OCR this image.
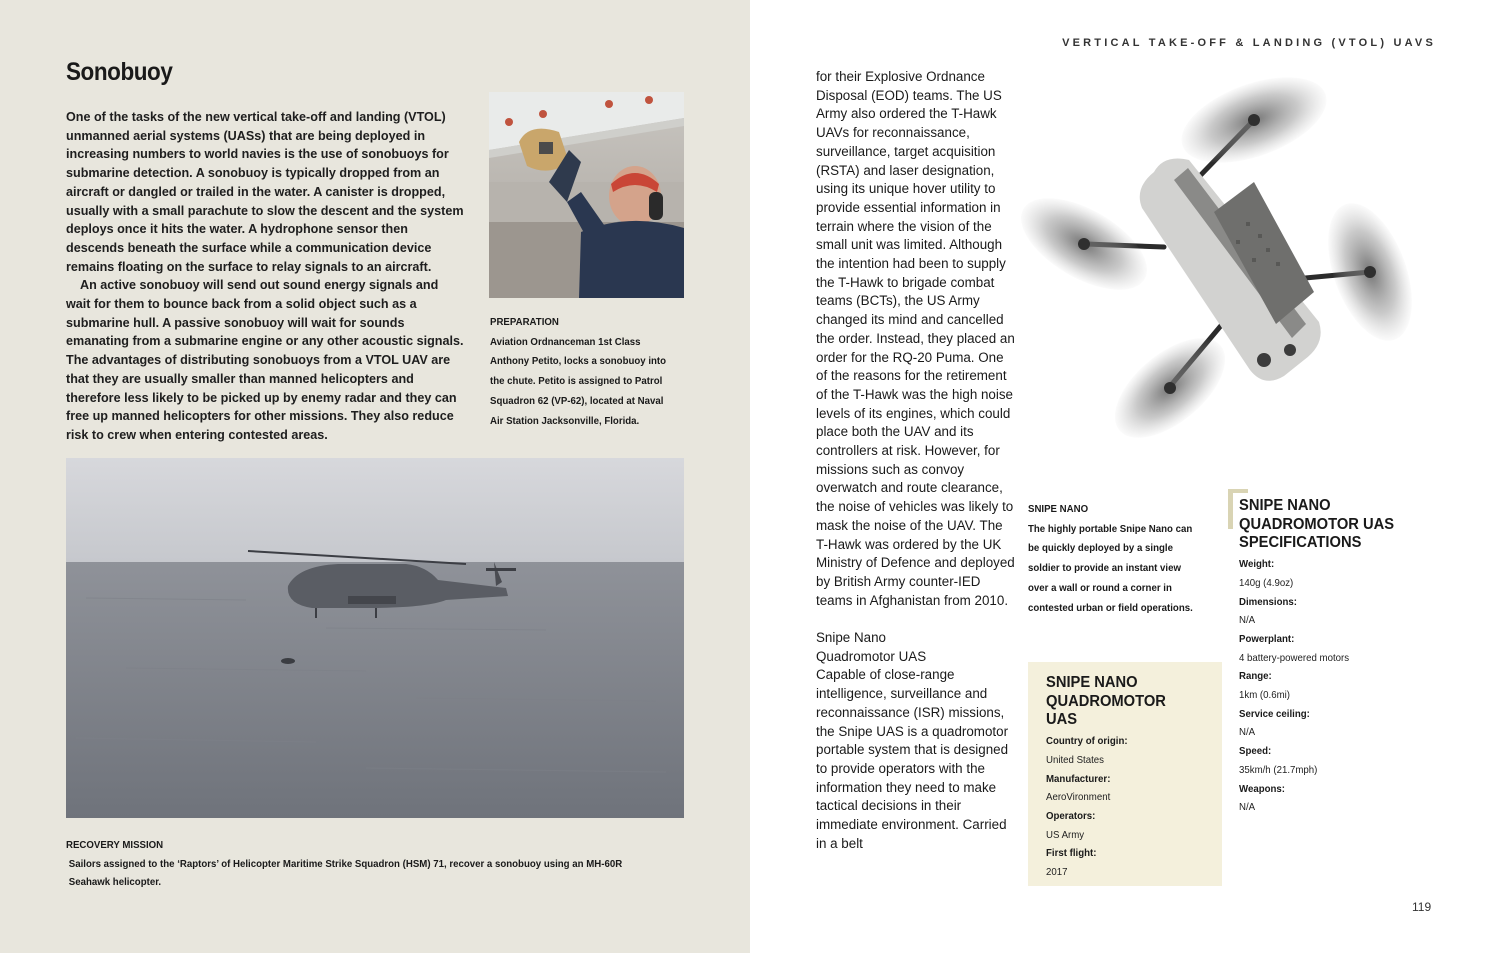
Sonobuoy

One of the tasks of the new vertical take-off and landing (VTOL) unmanned aerial systems (UASs) that are being deployed in increasing numbers to world navies is the use of sonobuoys for submarine detection. A sonobuoy is typically dropped from an aircraft or dangled or trailed in the water. A canister is dropped, usually with a small parachute to slow the descent and the system deploys once it hits the water. A hydrophone sensor then descends beneath the surface while a communication device remains floating on the surface to relay signals to an aircraft.

An active sonobuoy will send out sound energy signals and wait for them to bounce back from a solid object such as a submarine hull. A passive sonobuoy will wait for sounds emanating from a submarine engine or any other acoustic signals. The advantages of distributing sonobuoys from a VTOL UAV are that they are usually smaller than manned helicopters and therefore less likely to be picked up by enemy radar and they can free up manned helicopters for other missions. They also reduce risk to crew when entering contested areas.

PREPARATION
Aviation Ordnanceman 1st Class Anthony Petito, locks a sonobuoy into the chute. Petito is assigned to Patrol Squadron 62 (VP-62), located at Naval Air Station Jacksonville, Florida.
RECOVERY MISSION
Sailors assigned to the ‘Raptors’ of Helicopter Maritime Strike Squadron (HSM) 71, recover a sonobuoy using an MH-60R Seahawk helicopter.
VERTICAL TAKE-OFF & LANDING (VTOL) UAVS

for their Explosive Ordnance Disposal (EOD) teams. The US Army also ordered the T-Hawk UAVs for reconnaissance, surveillance, target acquisition (RSTA) and laser designation, using its unique hover utility to provide essential information in terrain where the vision of the small unit was limited. Although the intention had been to supply the T-Hawk to brigade combat teams (BCTs), the US Army changed its mind and cancelled the order. Instead, they placed an order for the RQ-20 Puma. One of the reasons for the retirement of the T-Hawk was the high noise levels of its engines, which could place both the UAV and its controllers at risk. However, for missions such as convoy overwatch and route clearance, the noise of vehicles was likely to mask the noise of the UAV. The T-Hawk was ordered by the UK Ministry of Defence and deployed by British Army counter-IED teams in Afghanistan from 2010.

Snipe Nano
Quadromotor UAS

Capable of close-range intelligence, surveillance and reconnaissance (ISR) missions, the Snipe UAS is a quadromotor portable system that is designed to provide operators with the information they need to make tactical decisions in their immediate environment. Carried in a belt

SNIPE NANO
The highly portable Snipe Nano can be quickly deployed by a single soldier to provide an instant view over a wall or round a corner in contested urban or field operations.
SNIPE NANO
QUADROMOTOR UAS
Country of origin:
United States
Manufacturer:
AeroVironment
Operators:
US Army
First flight:
2017
SNIPE NANO
QUADROMOTOR UAS
SPECIFICATIONS
Weight:
140g (4.9oz)
Dimensions:
N/A
Powerplant:
4 battery-powered motors
Range:
1km (0.6mi)
Service ceiling:
N/A
Speed:
35km/h (21.7mph)
Weapons:
N/A
119
